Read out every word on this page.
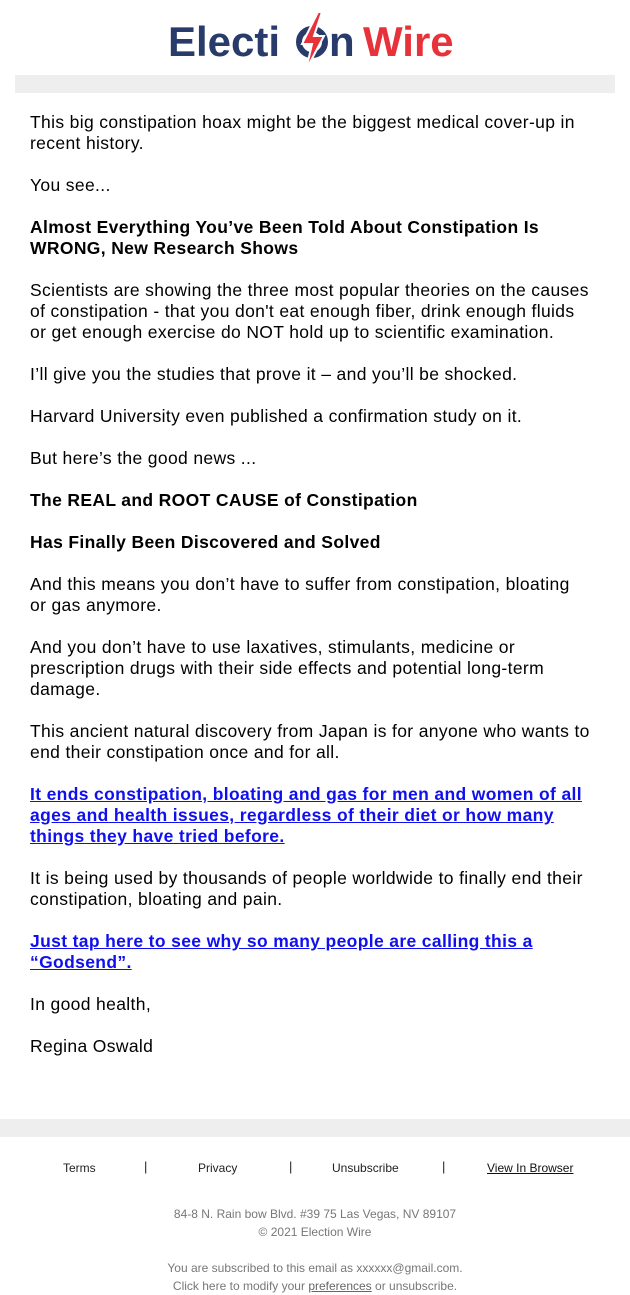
Electi n Wire

This big constipation hoax might be the biggest medical cover-up in recent history.

You see...

Almost Everything You’ve Been Told About Constipation Is WRONG, New Research Shows

Scientists are showing the three most popular theories on the causes of constipation - that you don't eat enough fiber, drink enough fluids or get enough exercise do NOT hold up to scientific examination.

I’ll give you the studies that prove it – and you’ll be shocked.

Harvard University even published a confirmation study on it.

But here’s the good news ...

The REAL and ROOT CAUSE of Constipation

Has Finally Been Discovered and Solved

And this means you don’t have to suffer from constipation, bloating or gas anymore.

And you don’t have to use laxatives, stimulants, medicine or prescription drugs with their side effects and potential long-term damage.

This ancient natural discovery from Japan is for anyone who wants to end their constipation once and for all.

It ends constipation, bloating and gas for men and women of all ages and health issues, regardless of their diet or how many things they have tried before.

It is being used by thousands of people worldwide to finally end their constipation, bloating and pain.

Just tap here to see why so many people are calling this a “Godsend”.

In good health,

Regina Oswald

Terms	|	Privacy	|	Unsubscribe	|	View In Browser
84-8 N. Rain bow Blvd. #39 75 Las Vegas, NV 89107
© 2021 Election Wire
You are subscribed to this email as xxxxxx@gmail.com.
Click here to modify your preferences or unsubscribe.
